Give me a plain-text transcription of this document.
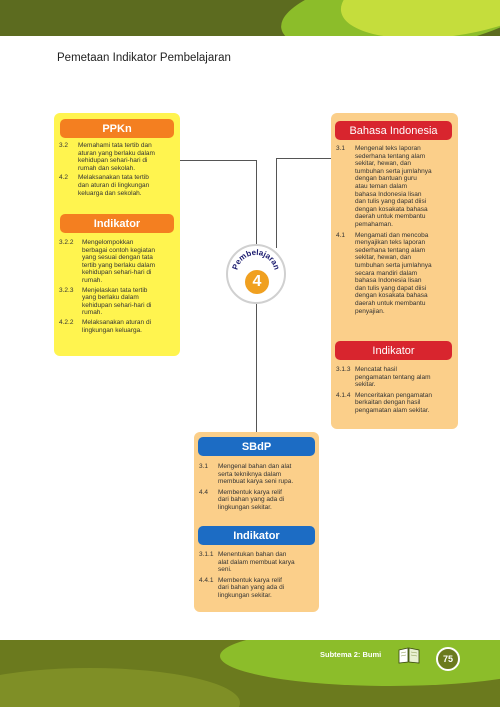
Pemetaan Indikator Pembelajaran
PPKn
3.2	Memahami tata tertib dan
aturan yang berlaku dalam
kehidupan sehari-hari di
rumah dan sekolah.
4.2	Melaksanakan tata tertib
dan aturan di lingkungan
keluarga dan sekolah.
Indikator
3.2.2	Mengelompokkan
berbagai contoh kegiatan
yang sesuai dengan tata
tertib yang berlaku dalam
kehidupan sehari-hari di
rumah.
3.2.3	Menjelaskan tata tertib
yang berlaku dalam
kehidupan sehari-hari di
rumah.
4.2.2	Melaksanakan aturan di
lingkungan keluarga.
Bahasa Indonesia
3.1	Mengenal teks laporan
sederhana tentang alam
sekitar, hewan, dan
tumbuhan serta jumlahnya
dengan bantuan guru
atau teman dalam
bahasa Indonesia lisan
dan tulis yang dapat diisi
dengan kosakata bahasa
daerah untuk membantu
pemahaman.
4.1	Mengamati dan mencoba
menyajikan teks laporan
sederhana tentang alam
sekitar, hewan, dan
tumbuhan serta jumlahnya
secara mandiri dalam
bahasa Indonesia lisan
dan tulis yang dapat diisi
dengan kosakata bahasa
daerah untuk membantu
penyajian.
Indikator
3.1.3 Mencatat hasil
pengamatan tentang alam
sekitar.
4.1.4 Menceritakan pengamatan
berkaitan dengan hasil
pengamatan alam sekitar.
SBdP
3.1	Mengenal bahan dan alat
serta tekniknya dalam
membuat karya seni rupa.
4.4	Membentuk karya relif
dari bahan yang ada di
lingkungan sekitar.
Indikator
3.1.1 Menentukan bahan dan
alat dalam membuat karya
seni.
4.4.1 Membentuk karya relif
dari bahan yang ada di
lingkungan sekitar.
Pembelajaran
4
Subtema 2: Bumi	75
